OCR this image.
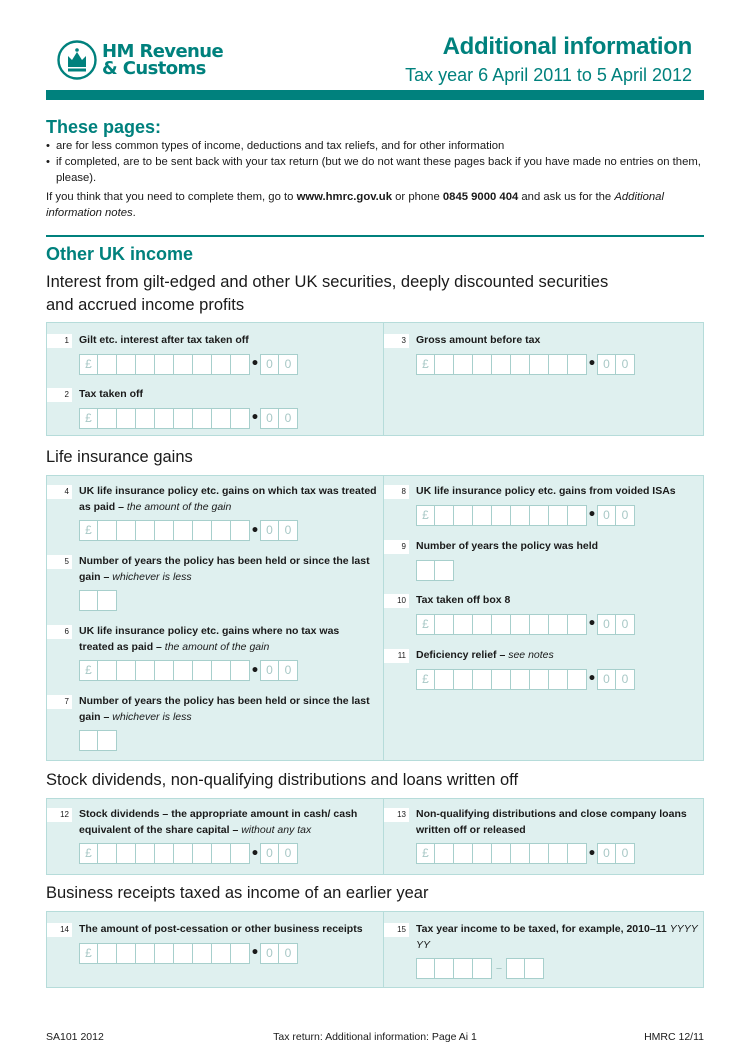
HM Revenue
& Customs
Additional information
Tax year 6 April 2011 to 5 April 2012
These pages:
• are for less common types of income, deductions and tax reliefs, and for other information
• if completed, are to be sent back with your tax return (but we do not want these pages back if you have made no entries on them, please).

If you think that you need to complete them, go to www.hmrc.gov.uk or phone 0845 9000 404 and ask us for the Additional information notes.

Other UK income
Interest from gilt-edged and other UK securities, deeply discounted securities and accrued income profits
1 Gilt etc. interest after tax taken off
£	• 0 0
2 Tax taken off
£	• 0 0
3 Gross amount before tax
£	• 0 0
Life insurance gains
4 UK life insurance policy etc. gains on which tax was treated as paid – the amount of the gain
£	• 0 0
5 Number of years the policy has been held or since the last gain – whichever is less
6 UK life insurance policy etc. gains where no tax was treated as paid – the amount of the gain
£	• 0 0
7 Number of years the policy has been held or since the last gain – whichever is less
8 UK life insurance policy etc. gains from voided ISAs
£	• 0 0
9 Number of years the policy was held
10 Tax taken off box 8
£	• 0 0
11 Deficiency relief – see notes
£	• 0 0
Stock dividends, non-qualifying distributions and loans written off
12 Stock dividends – the appropriate amount in cash/ cash equivalent of the share capital – without any tax
£	• 0 0
13 Non-qualifying distributions and close company loans written off or released
£	• 0 0
Business receipts taxed as income of an earlier year
14 The amount of post-cessation or other business receipts
£	• 0 0
15 Tax year income to be taxed, for example, 2010–11 YYYY YY
–
SA101 2012	Tax return: Additional information: Page Ai 1	HMRC 12/11
